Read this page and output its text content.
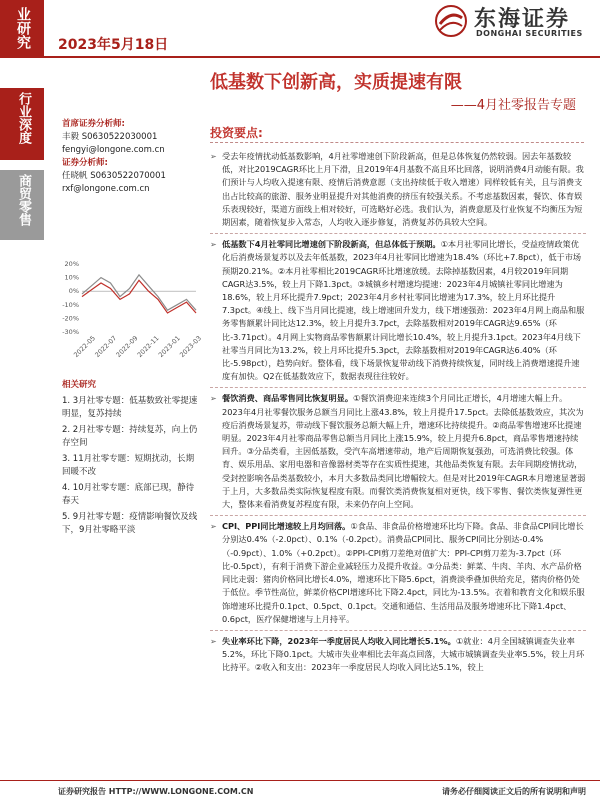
业研究	2023年5月18日
东海证券
DONGHAI SECURITIES
低基数下创新高，实质提速有限
——4月社零报告专题
行业深度
商贸零售
首席证券分析师:
丰毅 S0630522030001
fengyi@longone.com.cn
证券分析师:
任晓帆 S0630522070001
rxf@longone.com.cn
20%
10%
0%
-10%
-20%
-30%
2022-05
2022-07
2022-09
2022-11
2023-01
2023-03
相关研究
1. 3月社零专题：低基数致社零提速明显，复苏持续
2. 2月社零专题：持续复苏，向上仍存空间
3. 11月社零专题：短期扰动，长期回暖不改
4. 10月社零专题：底部已现，静待春天
5. 9月社零专题：疫情影响餐饮及线下，9月社零略平淡
投资要点:
➢ 受去年疫情扰动低基数影响，4月社零增速创下阶段新高，但是总体恢复仍然较弱。因去年基数较低，对比2019CAGR环比上月下滑，且2019年4月基数不高且环比回落，说明消费4月动能有限。我们预计与人均收入提速有限、疫情后消费意愿（支出持续低于收入增速）同样较低有关，且与消费支出占比较高的旅游、服务业明显提升对其他消费的挤压有较强关系。不考虑基数因素，餐饮、体育娱乐表现较好，渠道方面线上相对较好，可选略好必选。我们认为，消费意愿及行业恢复不均衡压为短期因素，随着恢复步入常态，人均收入逐步修复，消费复苏仍具较大空间。
➢ 低基数下4月社零同比增速创下阶段新高，但总体低于预期。①本月社零同比增长，受益疫情政策优化后消费场景复苏以及去年低基数，2023年4月社零同比增速为18.4%（环比+7.8pct），低于市场预期20.21%。②本月社零相比2019CAGR环比增速放缓。去除掉基数因素，4月较2019年同期CAGR达3.5%，较上月下降1.3pct。③城镇乡村增速均提速：2023年4月城镇社零同比增速为18.6%，较上月环比提升7.9pct；2023年4月乡村社零同比增速为17.3%，较上月环比提升7.3pct。④线上、线下当月同比提速，线上增速回升发力，线下增速强劲：2023年4月网上商品和服务零售额累计同比达12.3%，较上月提升3.7pct，去除基数相对2019年CAGR达9.65%（环比-3.71pct）。4月网上实物商品零售额累计同比增长10.4%，较上月提升3.1pct。2023年4月线下社零当月同比为13.2%，较上月环比提升5.3pct，去除基数相对2019年CAGR达6.40%（环比-5.98pct），趋势向好。整体看，线下场景恢复带动线下消费持续恢复，同时线上消费增速提升速度有加快。Q2在低基数效应下，数据表现往往较好。
➢ 餐饮消费、商品零售同比恢复明显。①餐饮消费迎来连续3个月同比正增长，4月增速大幅上升。2023年4月社零餐饮服务总额当月同比上涨43.8%，较上月提升17.5pct。去除低基数效应，其次为疫后消费场景复苏，带动线下餐饮服务总额大幅上升，增速环比持续提升。②商品零售增速环比提速明显。2023年4月社零商品零售总额当月同比上涨15.9%，较上月提升6.8pct，商品零售增速持续回升。③分品类看，主因低基数，受汽车高增速带动，地产后周期恢复强劲，可选消费比较强。体育、娱乐用品、家用电器和音像器材类等存在实质性提速，其他品类恢复有限。去年同期疫情扰动，受封控影响各品类基数较小，本月大多数品类同比增幅较大。但是对比2019年CAGR本月增速显著弱于上月，大多数品类实际恢复程度有限。而餐饮类消费恢复相对更快，线下零售、餐饮类恢复弹性更大，整体来看消费复苏程度有限，未来仍存向上空间。
➢ CPI、PPI同比增速较上月均回落。①食品、非食品价格增速环比均下降。食品、非食品CPI同比增长分别达0.4%（-2.0pct）、0.1%（-0.2pct）。消费品CPI同比、服务CPI同比分别达-0.4%（-0.9pct）、1.0%（+0.2pct）。②PPI-CPI剪刀差绝对值扩大：PPI-CPI剪刀差为-3.7pct（环比-0.5pct），有利于消费下游企业减轻压力及提升收益。③分品类：鲜菜、牛肉、羊肉、水产品价格同比走弱：猪肉价格同比增长4.0%，增速环比下降5.6pct，消费淡季叠加供给充足，猪肉价格仍处于低位。季节性高位，鲜菜价格CPI增速环比下降2.4pct，同比为-13.5%。衣着和教育文化和娱乐服饰增速环比提升0.1pct、0.5pct、0.1pct。交通和通信、生活用品及服务增速环比下降1.4pct、0.6pct，医疗保健增速与上月持平。
➢ 失业率环比下降，2023年一季度居民人均收入同比增长5.1%。①就业：4月全国城镇调查失业率5.2%，环比下降0.1pct。大城市失业率相比去年高点回落，大城市城镇调查失业率5.5%，较上月环比持平。②收入和支出：2023年一季度居民人均收入同比达5.1%，较上
证券研究报告 HTTP://WWW.LONGONE.COM.CN	请务必仔细阅读正文后的所有说明和声明
